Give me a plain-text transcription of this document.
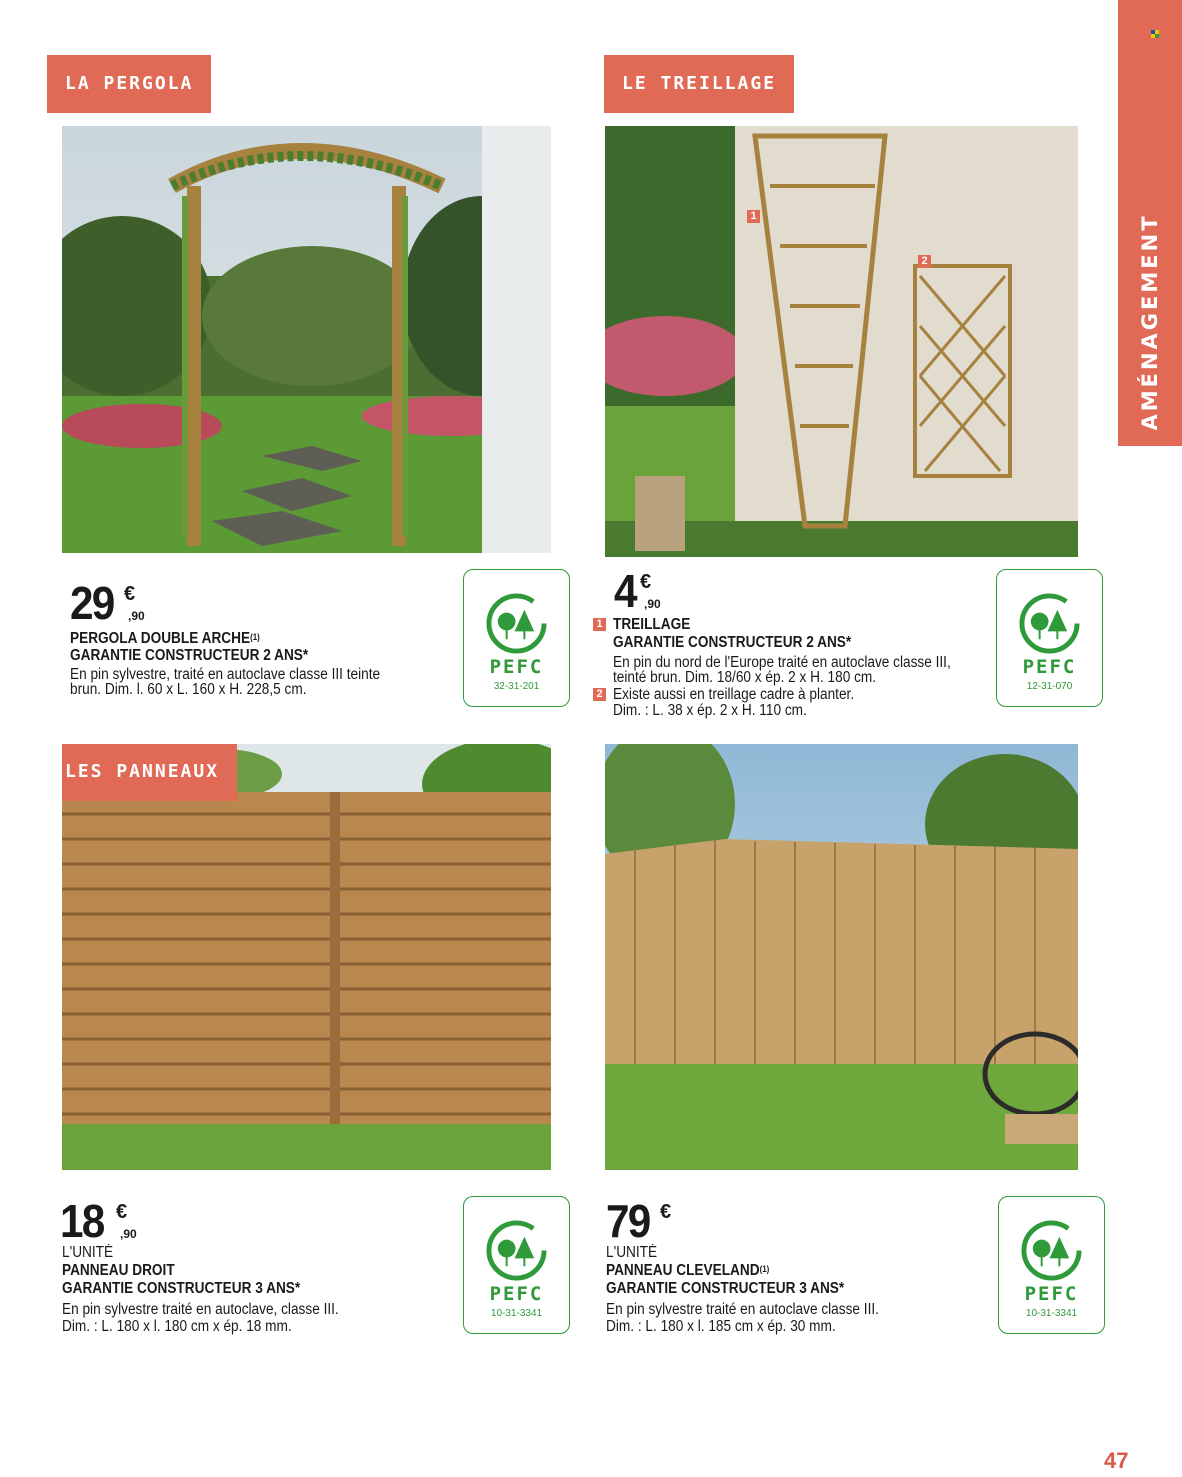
AMÉNAGEMENT
LA PERGOLA	LE TREILLAGE
1
2
29 €
,90
PERGOLA DOUBLE ARCHE$^{(1)}$
GARANTIE CONSTRUCTEUR 2 ANS*
En pin sylvestre, traité en autoclave classe III teinte
brun. Dim. l. 60 x L. 160 x H. 228,5 cm.
PEFC
32-31-201
4 €
,90
1 TREILLAGE
GARANTIE CONSTRUCTEUR 2 ANS*
En pin du nord de l'Europe traité en autoclave classe III,
teinté brun. Dim. 18/60 x ép. 2 x H. 180 cm.
2 Existe aussi en treillage cadre à planter.
Dim. : L. 38 x ép. 2 x H. 110 cm.
PEFC
12-31-070
LES PANNEAUX
18 €
,90
L'UNITÉ
PANNEAU DROIT
GARANTIE CONSTRUCTEUR 3 ANS*
En pin sylvestre traité en autoclave, classe III.
Dim. : L. 180 x l. 180 cm x ép. 18 mm.
PEFC
10-31-3341
79 €
L'UNITÉ
PANNEAU CLEVELAND$^{(1)}$
GARANTIE CONSTRUCTEUR 3 ANS*
En pin sylvestre traité en autoclave classe III.
Dim. : L. 180 x l. 185 cm x ép. 30 mm.
PEFC
10-31-3341
47
